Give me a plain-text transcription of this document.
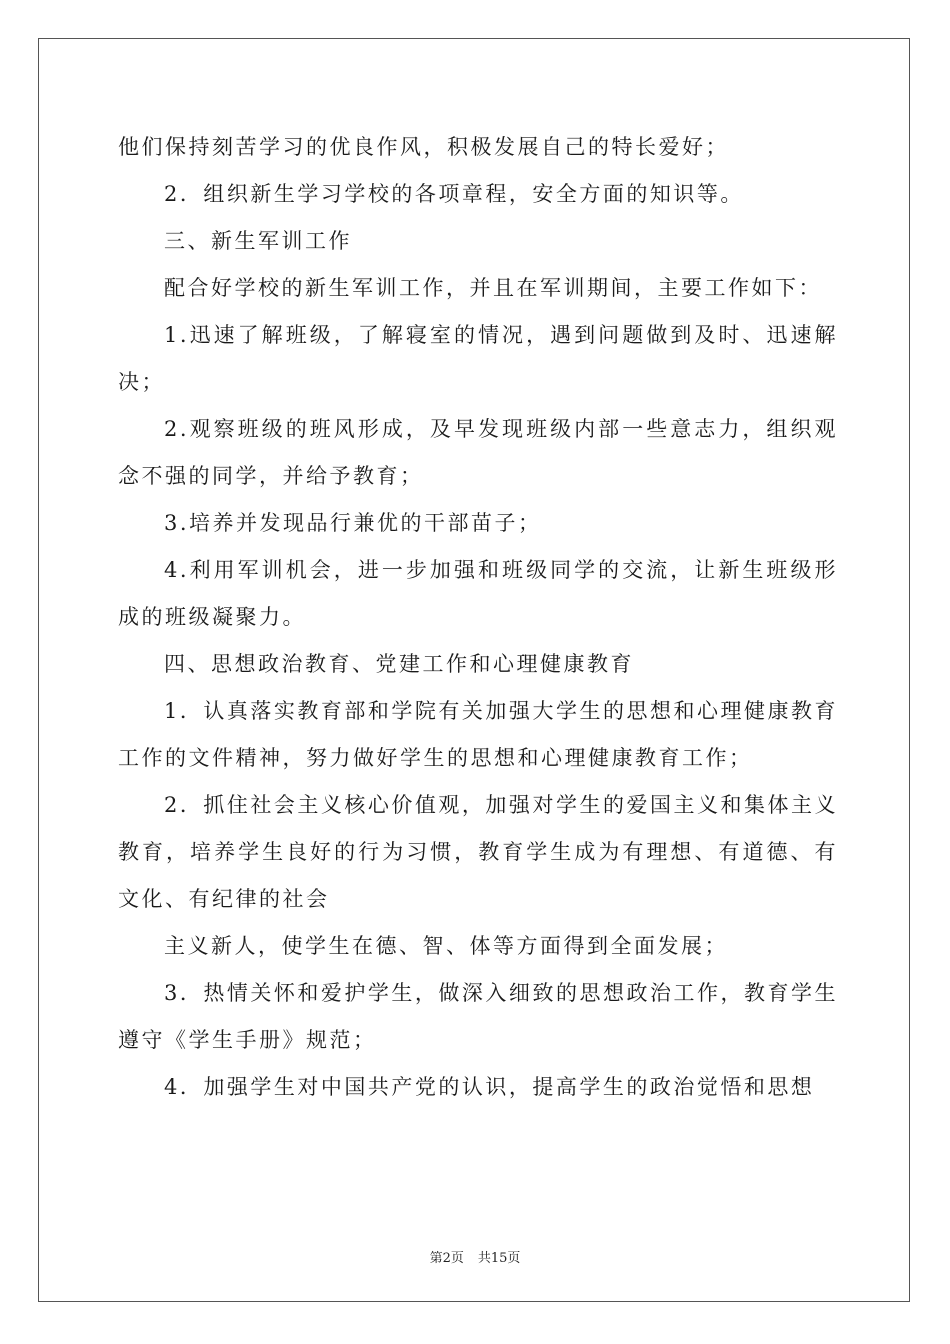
他们保持刻苦学习的优良作风，积极发展自己的特长爱好；

2．组织新生学习学校的各项章程，安全方面的知识等。

三、新生军训工作

配合好学校的新生军训工作，并且在军训期间，主要工作如下：

1.迅速了解班级，了解寝室的情况，遇到问题做到及时、迅速解决；

2.观察班级的班风形成，及早发现班级内部一些意志力，组织观念不强的同学，并给予教育；

3.培养并发现品行兼优的干部苗子；

4.利用军训机会，进一步加强和班级同学的交流，让新生班级形成的班级凝聚力。

四、思想政治教育、党建工作和心理健康教育

1．认真落实教育部和学院有关加强大学生的思想和心理健康教育工作的文件精神，努力做好学生的思想和心理健康教育工作；

2．抓住社会主义核心价值观，加强对学生的爱国主义和集体主义教育，培养学生良好的行为习惯，教育学生成为有理想、有道德、有文化、有纪律的社会

主义新人，使学生在德、智、体等方面得到全面发展；

3．热情关怀和爱护学生，做深入细致的思想政治工作，教育学生遵守《学生手册》规范；

4．加强学生对中国共产党的认识，提高学生的政治觉悟和思想

第2页 共15页
